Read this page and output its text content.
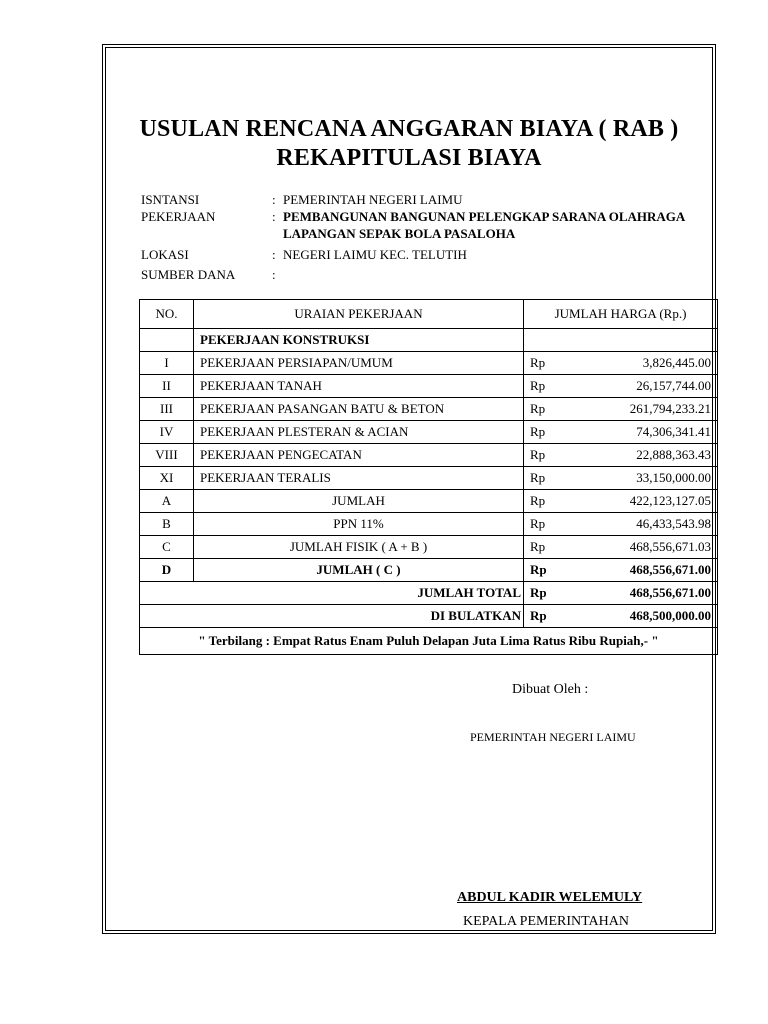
USULAN RENCANA ANGGARAN BIAYA ( RAB )
REKAPITULASI BIAYA
ISNTANSI	: PEMERINTAH NEGERI LAIMU
PEKERJAAN	: PEMBANGUNAN BANGUNAN PELENGKAP SARANA OLAHRAGA
LAPANGAN SEPAK BOLA PASALOHA
LOKASI	: NEGERI LAIMU KEC. TELUTIH
SUMBER DANA	:
NO.	URAIAN PEKERJAAN	JUMLAH HARGA (Rp.)	
	PEKERJAAN KONSTRUKSI		
I	PEKERJAAN PERSIAPAN/UMUM	Rp	3,826,445.00
II	PEKERJAAN TANAH	Rp	26,157,744.00
III	PEKERJAAN PASANGAN BATU & BETON	Rp	261,794,233.21
IV	PEKERJAAN PLESTERAN & ACIAN	Rp	74,306,341.41
VIII	PEKERJAAN PENGECATAN	Rp	22,888,363.43
XI	PEKERJAAN TERALIS	Rp	33,150,000.00
A	JUMLAH	Rp	422,123,127.05
B	PPN 11%	Rp	46,433,543.98
C	JUMLAH FISIK ( A + B )	Rp	468,556,671.03
D	JUMLAH ( C )	Rp	468,556,671.00
	JUMLAH TOTAL	Rp	468,556,671.00
	DI BULATKAN	Rp	468,500,000.00
" Terbilang : Empat Ratus Enam Puluh Delapan Juta Lima Ratus Ribu Rupiah,- "			
Dibuat Oleh :
PEMERINTAH NEGERI LAIMU
ABDUL KADIR WELEMULY
KEPALA PEMERINTAHAN
